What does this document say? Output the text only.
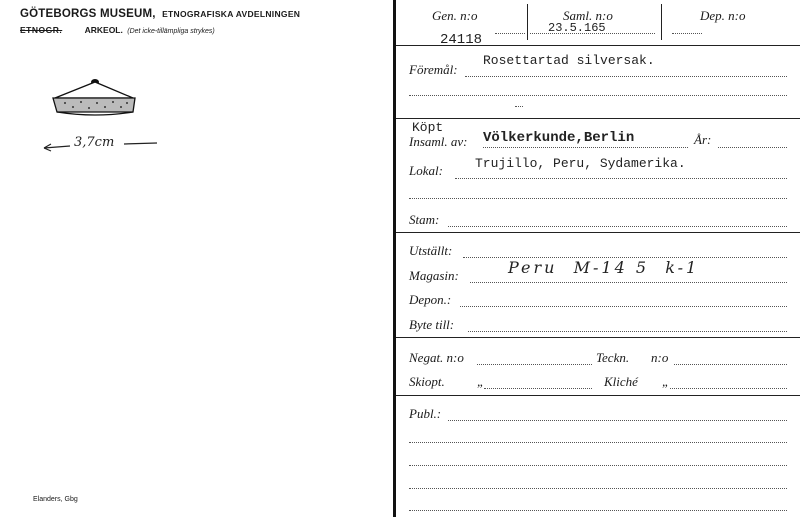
GÖTEBORGS MUSEUM, ETNOGRAFISKA AVDELNINGEN
ETNOGR.	ARKEOL. (Det icke-tillämpliga strykes)
3,7cm
Elanders, Gbg
Gen. n:o
24118
Saml. n:o
23.5.165
Dep. n:o
Föremål:
Rosettartad silversak.
Köpt
Insaml. av: Völkerkunde,Berlin	År:
Lokal: Trujillo, Peru, Sydamerika.
Stam:
Utställt:
Magasin:	Peru  M-14 5  k-1
Depon.:
Byte till:
Negat. n:o	Teckn. n:o
Skiopt. „	Kliché „
Publ.:
